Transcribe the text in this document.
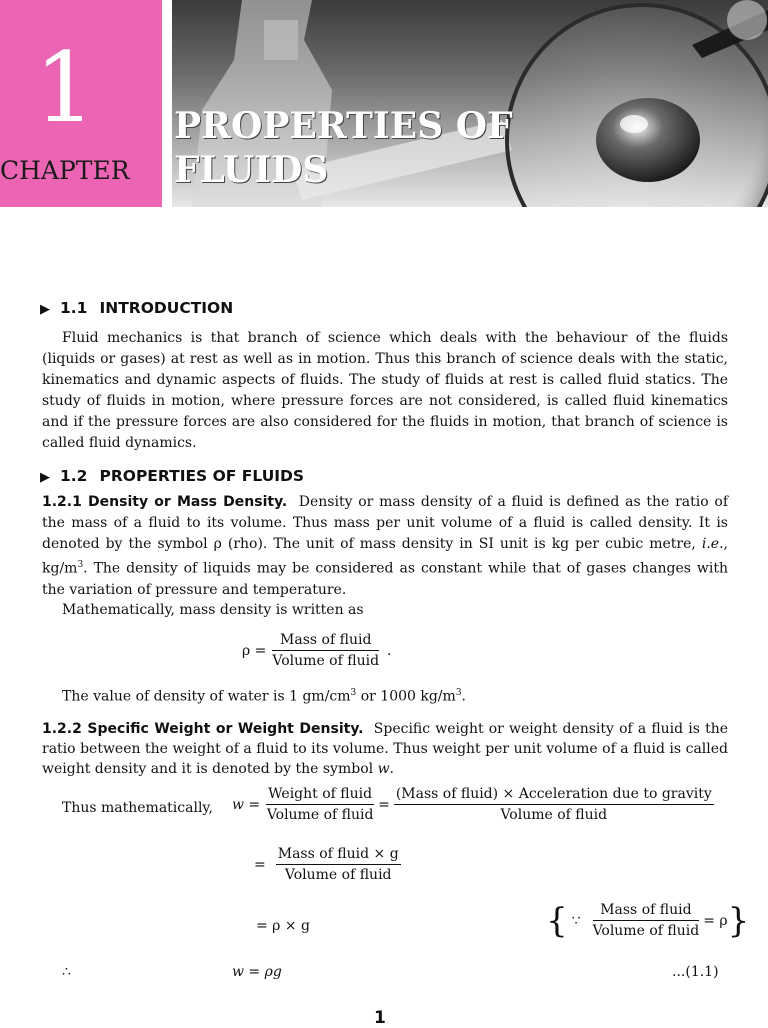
1
CHAPTER
PROPERTIES OF
FLUIDS
▶ 1.1 INTRODUCTION

Fluid mechanics is that branch of science which deals with the behaviour of the fluids (liquids or gases) at rest as well as in motion. Thus this branch of science deals with the static, kinematics and dynamic aspects of fluids. The study of fluids at rest is called fluid statics. The study of fluids in motion, where pressure forces are not considered, is called fluid kinematics and if the pressure forces are also considered for the fluids in motion, that branch of science is called fluid dynamics.

▶ 1.2 PROPERTIES OF FLUIDS

1.2.1 Density or Mass Density. Density or mass density of a fluid is defined as the ratio of the mass of a fluid to its volume. Thus mass per unit volume of a fluid is called density. It is denoted by the symbol ρ (rho). The unit of mass density in SI unit is kg per cubic metre, i.e., $kg/m^3$. The density of liquids may be considered as constant while that of gases changes with the variation of pressure and temperature.

Mathematically, mass density is written as
$\rho = \frac{\text{Mass of fluid}}{\text{Volume of fluid}}$ .
The value of density of water is 1 $gm/cm^3$ or 1000 $kg/m^3$.

1.2.2 Specific Weight or Weight Density. Specific weight or weight density of a fluid is the ratio between the weight of a fluid to its volume. Thus weight per unit volume of a fluid is called weight density and it is denoted by the symbol w.

Thus mathematically, $w = \frac{\text{Weight of fluid}}{\text{Volume of fluid}} = \frac{\text{(Mass of fluid) × Acceleration due to gravity}}{\text{Volume of fluid}}$
= $\frac{\text{Mass of fluid × g}}{\text{Volume of fluid}}$
= ρ × g	{ ∵ $\frac{\text{Mass of fluid}}{\text{Volume of fluid}} = \rho$ }
∴	w = ρg	...(1.1)
1
